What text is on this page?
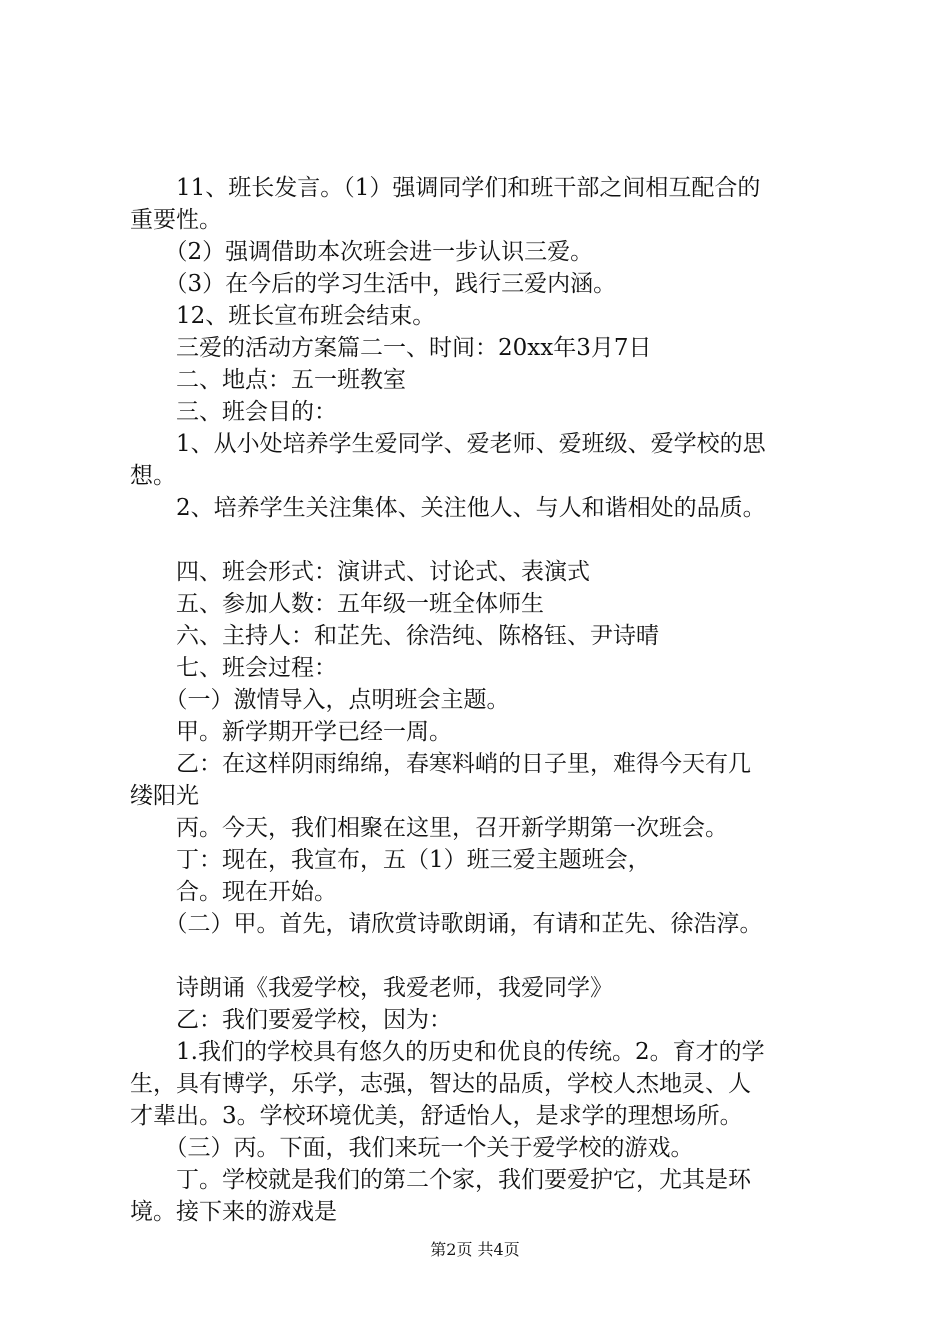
　　11、班长发言。（1）强调同学们和班干部之间相互配合的
重要性。
　　（2）强调借助本次班会进一步认识三爱。
　　（3）在今后的学习生活中，践行三爱内涵。
　　12、班长宣布班会结束。
　　三爱的活动方案篇二一、时间：20xx年3月7日
　　二、地点：五一班教室
　　三、班会目的：
　　1、从小处培养学生爱同学、爱老师、爱班级、爱学校的思
想。
　　2、培养学生关注集体、关注他人、与人和谐相处的品质。
　　四、班会形式：演讲式、讨论式、表演式
　　五、参加人数：五年级一班全体师生
　　六、主持人：和芷先、徐浩纯、陈格钰、尹诗晴
　　七、班会过程：
　　（一）激情导入，点明班会主题。
　　甲。新学期开学已经一周。
　　乙：在这样阴雨绵绵，春寒料峭的日子里，难得今天有几
缕阳光
　　丙。今天，我们相聚在这里，召开新学期第一次班会。
　　丁：现在，我宣布，五（1）班三爱主题班会，
　　合。现在开始。
　　（二）甲。首先，请欣赏诗歌朗诵，有请和芷先、徐浩淳。
　　诗朗诵《我爱学校，我爱老师，我爱同学》
　　乙：我们要爱学校，因为：
　　1.我们的学校具有悠久的历史和优良的传统。2。育才的学
生，具有博学，乐学，志强，智达的品质，学校人杰地灵、人
才辈出。3。学校环境优美，舒适怡人，是求学的理想场所。
　　（三）丙。下面，我们来玩一个关于爱学校的游戏。
　　丁。学校就是我们的第二个家，我们要爱护它，尤其是环
境。接下来的游戏是
第2页 共4页
